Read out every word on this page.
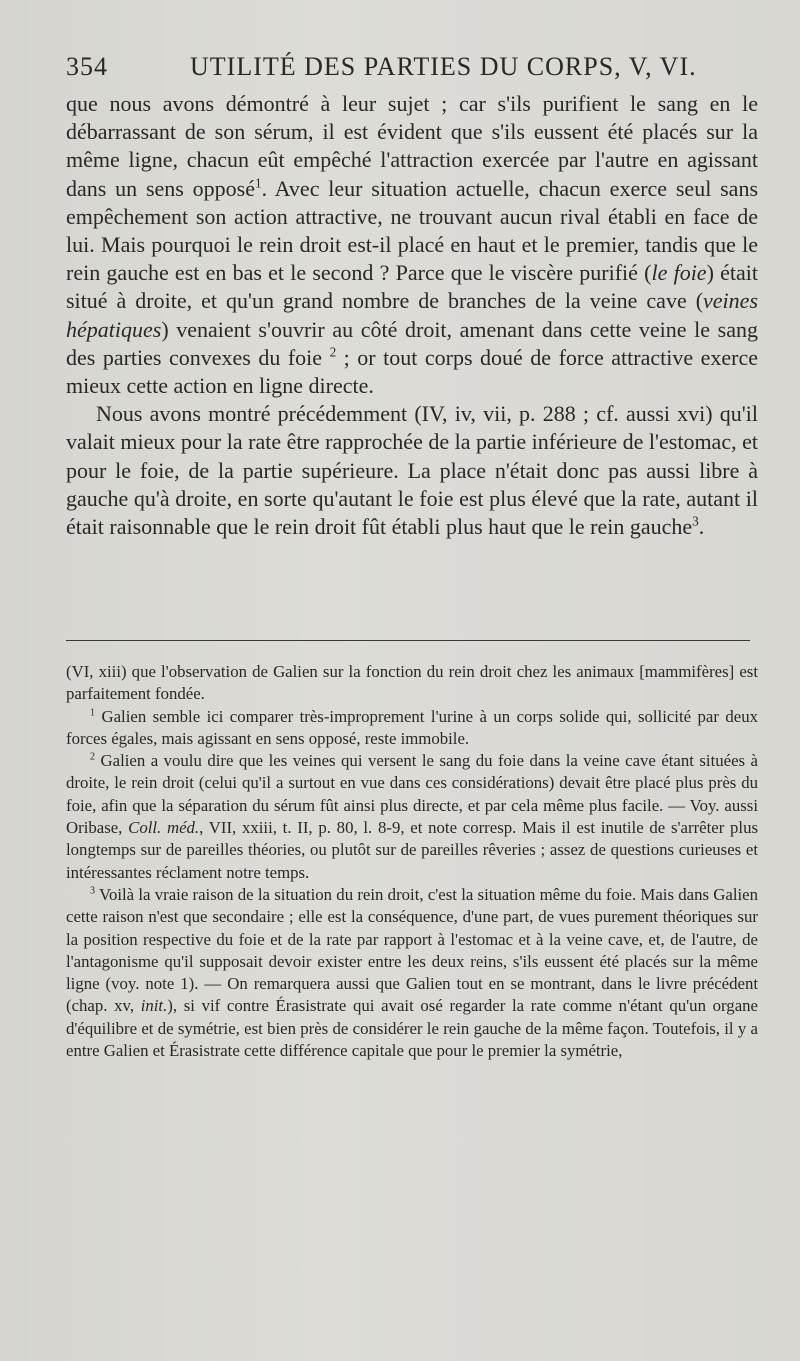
354	UTILITÉ DES PARTIES DU CORPS, V, VI.

que nous avons démontré à leur sujet ; car s'ils purifient le sang en le débarrassant de son sérum, il est évident que s'ils eussent été placés sur la même ligne, chacun eût empêché l'attraction exercée par l'autre en agissant dans un sens opposé$^1$. Avec leur situation actuelle, chacun exerce seul sans empêchement son action attractive, ne trouvant aucun rival établi en face de lui. Mais pourquoi le rein droit est-il placé en haut et le premier, tandis que le rein gauche est en bas et le second ? Parce que le viscère purifié (le foie) était situé à droite, et qu'un grand nombre de branches de la veine cave (veines hépatiques) venaient s'ouvrir au côté droit, amenant dans cette veine le sang des parties convexes du foie $^2$ ; or tout corps doué de force attractive exerce mieux cette action en ligne directe.

Nous avons montré précédemment (IV, iv, vii, p. 288 ; cf. aussi xvi) qu'il valait mieux pour la rate être rapprochée de la partie inférieure de l'estomac, et pour le foie, de la partie supérieure. La place n'était donc pas aussi libre à gauche qu'à droite, en sorte qu'autant le foie est plus élevé que la rate, autant il était raisonnable que le rein droit fût établi plus haut que le rein gauche$^3$.

(VI, xiii) que l'observation de Galien sur la fonction du rein droit chez les animaux [mammifères] est parfaitement fondée.

$^1$ Galien semble ici comparer très-improprement l'urine à un corps solide qui, sollicité par deux forces égales, mais agissant en sens opposé, reste immobile.

$^2$ Galien a voulu dire que les veines qui versent le sang du foie dans la veine cave étant situées à droite, le rein droit (celui qu'il a surtout en vue dans ces considérations) devait être placé plus près du foie, afin que la séparation du sérum fût ainsi plus directe, et par cela même plus facile. — Voy. aussi Oribase, Coll. méd., VII, xxiii, t. II, p. 80, l. 8-9, et note corresp. Mais il est inutile de s'arrêter plus longtemps sur de pareilles théories, ou plutôt sur de pareilles rêveries ; assez de questions curieuses et intéressantes réclament notre temps.

$^3$ Voilà la vraie raison de la situation du rein droit, c'est la situation même du foie. Mais dans Galien cette raison n'est que secondaire ; elle est la conséquence, d'une part, de vues purement théoriques sur la position respective du foie et de la rate par rapport à l'estomac et à la veine cave, et, de l'autre, de l'antagonisme qu'il supposait devoir exister entre les deux reins, s'ils eussent été placés sur la même ligne (voy. note 1). — On remarquera aussi que Galien tout en se montrant, dans le livre précédent (chap. xv, init.), si vif contre Érasistrate qui avait osé regarder la rate comme n'étant qu'un organe d'équilibre et de symétrie, est bien près de considérer le rein gauche de la même façon. Toutefois, il y a entre Galien et Érasistrate cette différence capitale que pour le premier la symétrie,
